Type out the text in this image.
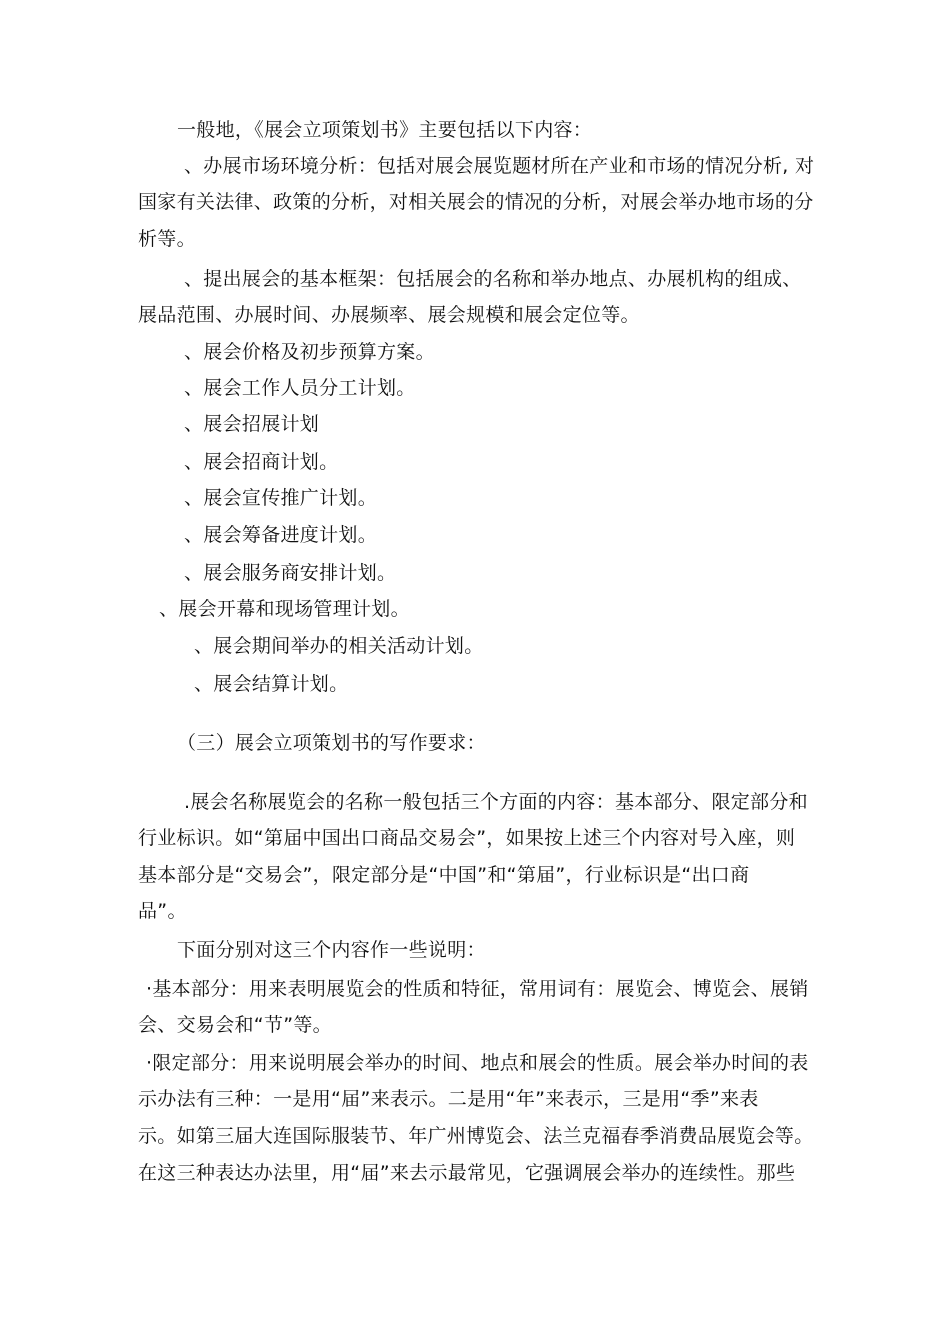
一般地，《展会立项策划书》主要包括以下内容：
、办展市场环境分析：包括对展会展览题材所在产业和市场的情况分析, 对
国家有关法律、政策的分析，对相关展会的情况的分析，对展会举办地市场的分
析等。
、提出展会的基本框架：包括展会的名称和举办地点、办展机构的组成、
展品范围、办展时间、办展频率、展会规模和展会定位等。
、展会价格及初步预算方案。
、展会工作人员分工计划。
、展会招展计划
、展会招商计划。
、展会宣传推广计划。
、展会筹备进度计划。
、展会服务商安排计划。
、展会开幕和现场管理计划。
、展会期间举办的相关活动计划。
、展会结算计划。
（三）展会立项策划书的写作要求：
.展会名称展览会的名称一般包括三个方面的内容：基本部分、限定部分和
行业标识。如“第届中国出口商品交易会”，如果按上述三个内容对号入座，则
基本部分是“交易会”，限定部分是“中国”和“第届”，行业标识是“出口商
品”。
下面分别对这三个内容作一些说明：
·基本部分：用来表明展览会的性质和特征，常用词有：展览会、博览会、展销
会、交易会和“节”等。
·限定部分：用来说明展会举办的时间、地点和展会的性质。展会举办时间的表
示办法有三种：一是用“届”来表示。二是用“年”来表示，三是用“季”来表
示。如第三届大连国际服装节、年广州博览会、法兰克福春季消费品展览会等。
在这三种表达办法里，用“届”来去示最常见，它强调展会举办的连续性。那些
